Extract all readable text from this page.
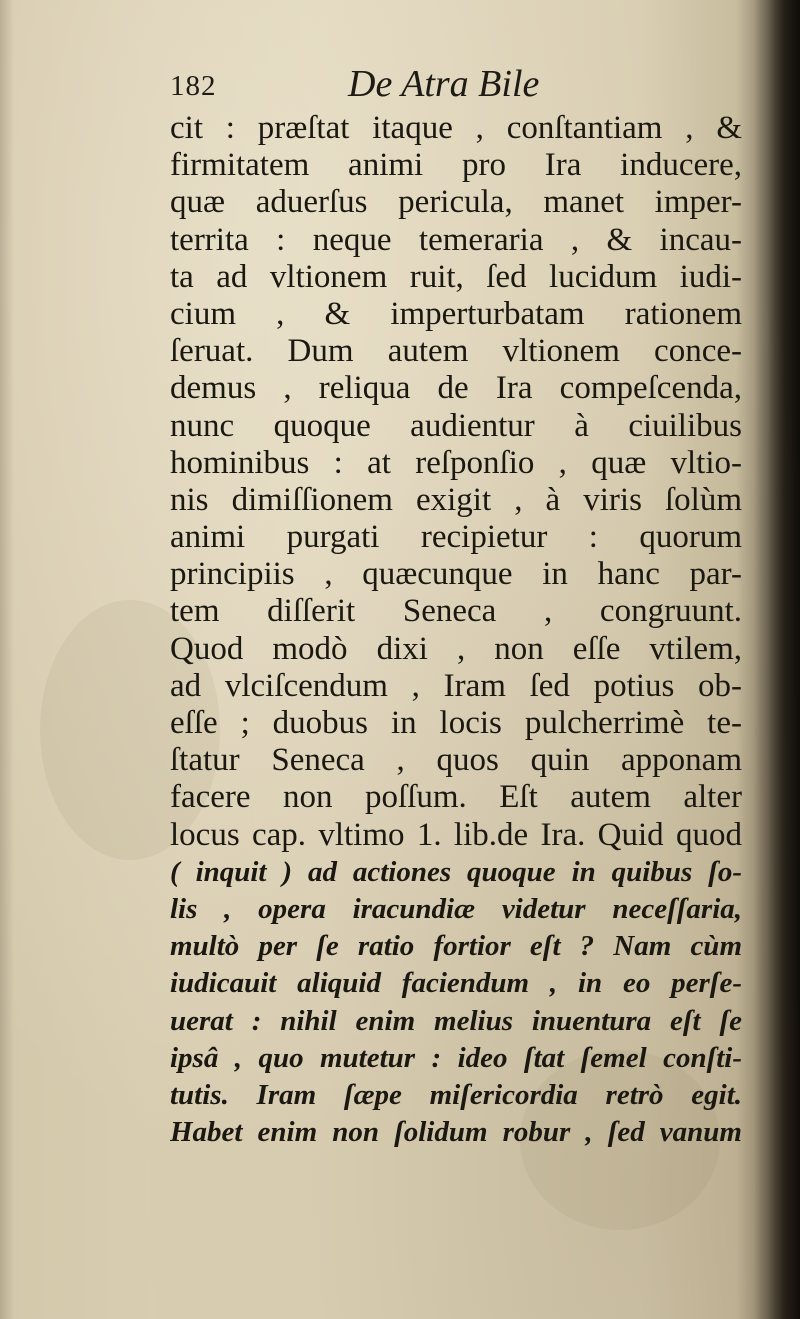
182	De Atra Bile
cit : præſtat itaque , conſtantiam , &
firmitatem animi pro Ira inducere,
quæ aduerſus pericula, manet imper-
territa : neque temeraria , & incau-
ta ad vltionem ruit, ſed lucidum iudi-
cium , & imperturbatam rationem
ſeruat. Dum autem vltionem conce-
demus , reliqua de Ira compeſcenda,
nunc quoque audientur à ciuilibus
hominibus : at reſponſio , quæ vltio-
nis dimiſſionem exigit , à viris ſolùm
animi purgati recipietur : quorum
principiis , quæcunque in hanc par-
tem diſſerit Seneca , congruunt.
Quod modò dixi , non eſſe vtilem,
ad vlciſcendum , Iram ſed potius ob-
eſſe ; duobus in locis pulcherrimè te-
ſtatur Seneca , quos quin apponam
facere non poſſum. Eſt autem alter
locus cap. vltimo 1. lib.de Ira. Quid quod
( inquit ) ad actiones quoque in quibus ſo-
lis , opera iracundiæ videtur neceſſaria,
multò per ſe ratio fortior eſt ? Nam cùm
iudicauit aliquid faciendum , in eo perſe-
uerat : nihil enim melius inuentura eſt ſe
ipsâ , quo mutetur : ideo ſtat ſemel conſti-
tutis. Iram ſæpe miſericordia retrò egit.
Habet enim non ſolidum robur , ſed vanum
